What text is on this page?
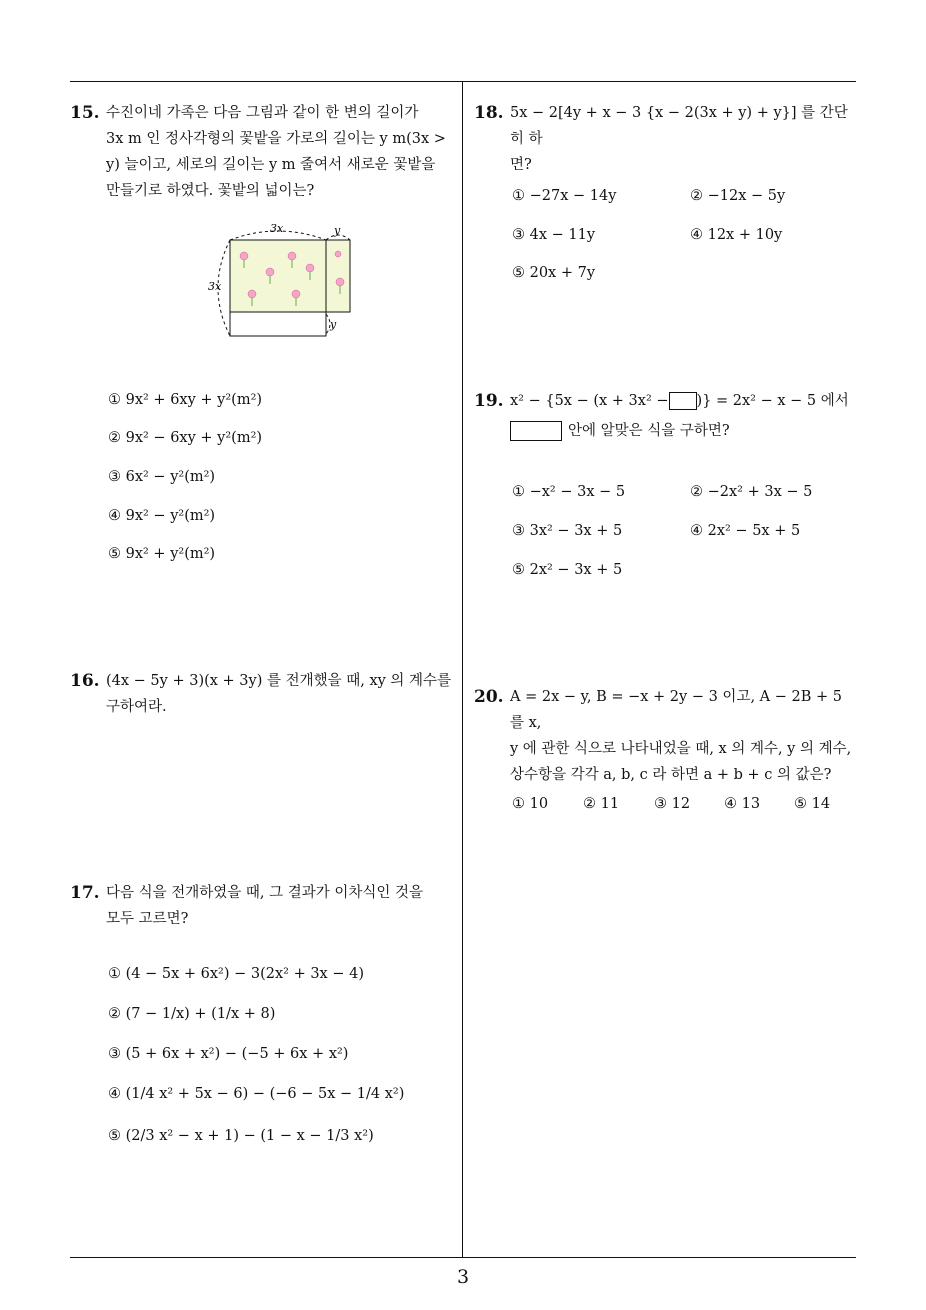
15. 수진이네 가족은 다음 그림과 같이 한 변의 길이가
3x m 인 정사각형의 꽃밭을 가로의 길이는 y m(3x >
y) 늘이고, 세로의 길이는 y m 줄여서 새로운 꽃밭을
만들기로 하였다. 꽃밭의 넓이는?
3x
3x
y
y
① 9x² + 6xy + y²(m²)
② 9x² − 6xy + y²(m²)
③ 6x² − y²(m²)
④ 9x² − y²(m²)
⑤ 9x² + y²(m²)
16. (4x − 5y + 3)(x + 3y) 를 전개했을 때, xy 의 계수를
구하여라.
17. 다음 식을 전개하였을 때, 그 결과가 이차식인 것을
모두 고르면?
① (4 − 5x + 6x²) − 3(2x² + 3x − 4)
② (7 − 1/x) + (1/x + 8)
③ (5 + 6x + x²) − (−5 + 6x + x²)
④ (1/4 x² + 5x − 6) − (−6 − 5x − 1/4 x²)
⑤ (2/3 x² − x + 1) − (1 − x − 1/3 x²)
18. 5x − 2[4y + x − 3 {x − 2(3x + y) + y}] 를 간단히 하
면?
① −27x − 14y	② −12x − 5y
③ 4x − 11y	④ 12x + 10y
⑤ 20x + 7y
19. x² − {5x − (x + 3x² − )} = 2x² − x − 5 에서
안에 알맞은 식을 구하면?
① −x² − 3x − 5	② −2x² + 3x − 5
③ 3x² − 3x + 5	④ 2x² − 5x + 5
⑤ 2x² − 3x + 5
20. A = 2x − y, B = −x + 2y − 3 이고, A − 2B + 5 를 x,
y 에 관한 식으로 나타내었을 때, x 의 계수, y 의 계수,
상수항을 각각 a, b, c 라 하면 a + b + c 의 값은?
① 10 ② 11 ③ 12 ④ 13 ⑤ 14
3
